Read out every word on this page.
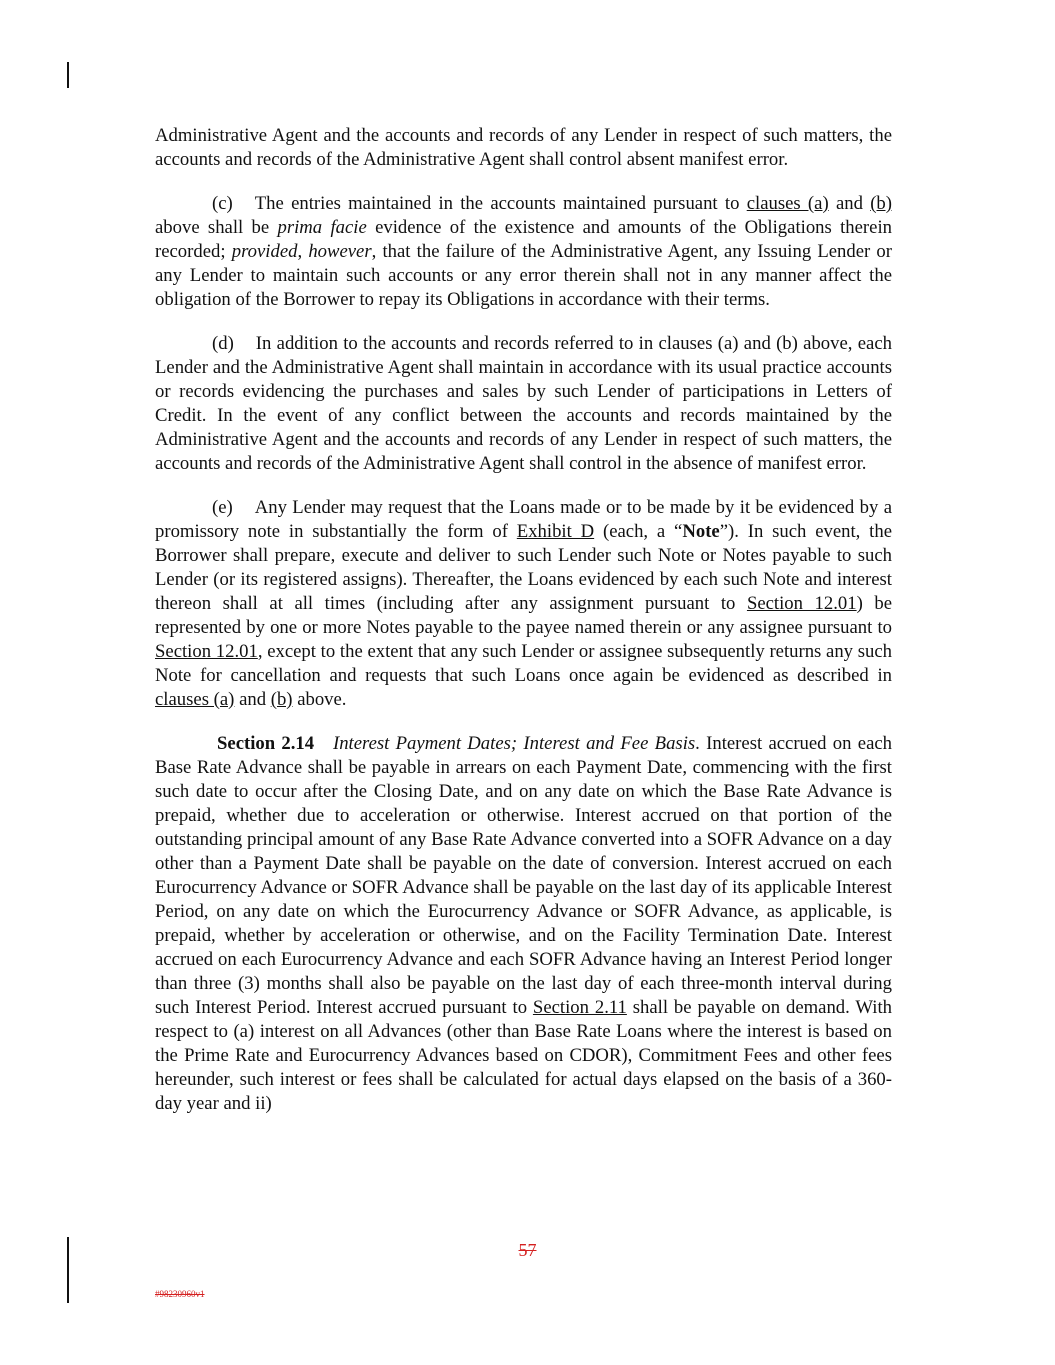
Administrative Agent and the accounts and records of any Lender in respect of such matters, the accounts and records of the Administrative Agent shall control absent manifest error.

(c) The entries maintained in the accounts maintained pursuant to clauses (a) and (b) above shall be prima facie evidence of the existence and amounts of the Obligations therein recorded; provided, however, that the failure of the Administrative Agent, any Issuing Lender or any Lender to maintain such accounts or any error therein shall not in any manner affect the obligation of the Borrower to repay its Obligations in accordance with their terms.

(d) In addition to the accounts and records referred to in clauses (a) and (b) above, each Lender and the Administrative Agent shall maintain in accordance with its usual practice accounts or records evidencing the purchases and sales by such Lender of participations in Letters of Credit. In the event of any conflict between the accounts and records maintained by the Administrative Agent and the accounts and records of any Lender in respect of such matters, the accounts and records of the Administrative Agent shall control in the absence of manifest error.

(e) Any Lender may request that the Loans made or to be made by it be evidenced by a promissory note in substantially the form of Exhibit D (each, a “Note”). In such event, the Borrower shall prepare, execute and deliver to such Lender such Note or Notes payable to such Lender (or its registered assigns). Thereafter, the Loans evidenced by each such Note and interest thereon shall at all times (including after any assignment pursuant to Section 12.01) be represented by one or more Notes payable to the payee named therein or any assignee pursuant to Section 12.01, except to the extent that any such Lender or assignee subsequently returns any such Note for cancellation and requests that such Loans once again be evidenced as described in clauses (a) and (b) above.

Section 2.14 Interest Payment Dates; Interest and Fee Basis. Interest accrued on each Base Rate Advance shall be payable in arrears on each Payment Date, commencing with the first such date to occur after the Closing Date, and on any date on which the Base Rate Advance is prepaid, whether due to acceleration or otherwise. Interest accrued on that portion of the outstanding principal amount of any Base Rate Advance converted into a SOFR Advance on a day other than a Payment Date shall be payable on the date of conversion. Interest accrued on each Eurocurrency Advance or SOFR Advance shall be payable on the last day of its applicable Interest Period, on any date on which the Eurocurrency Advance or SOFR Advance, as applicable, is prepaid, whether by acceleration or otherwise, and on the Facility Termination Date. Interest accrued on each Eurocurrency Advance and each SOFR Advance having an Interest Period longer than three (3) months shall also be payable on the last day of each three-month interval during such Interest Period. Interest accrued pursuant to Section 2.11 shall be payable on demand. With respect to (a) interest on all Advances (other than Base Rate Loans where the interest is based on the Prime Rate and Eurocurrency Advances based on CDOR), Commitment Fees and other fees hereunder, such interest or fees shall be calculated for actual days elapsed on the basis of a 360-day year and ii)

57
#98230960v1
